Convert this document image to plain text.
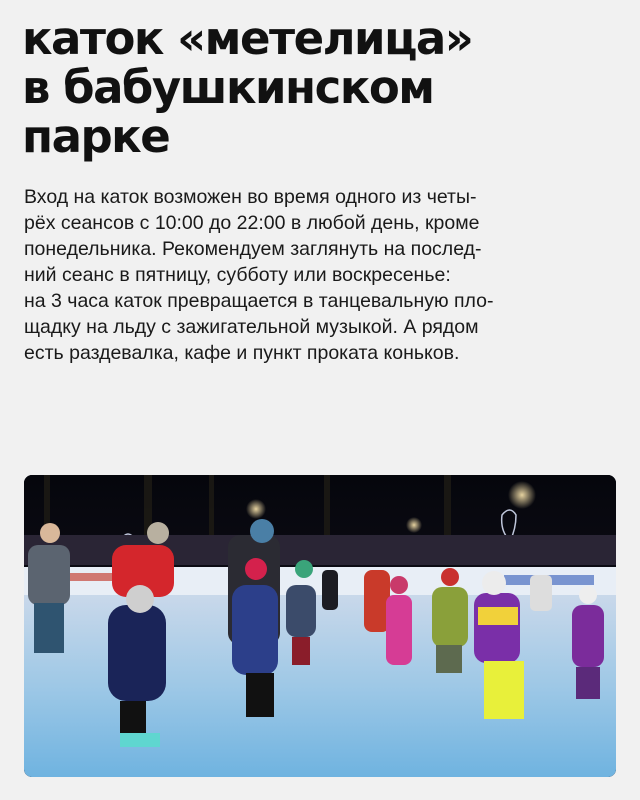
каток «метелица»
в бабушкинском
парке

Вход на каток возможен во время одного из четы-
рёх сеансов с 10:00 до 22:00 в любой день, кроме
понедельника. Рекомендуем заглянуть на послед-
ний сеанс в пятницу, субботу или воскресенье:
на 3 часа каток превращается в танцевальную пло-
щадку на льду с зажигательной музыкой. А рядом
есть раздевалка, кафе и пункт проката коньков.
